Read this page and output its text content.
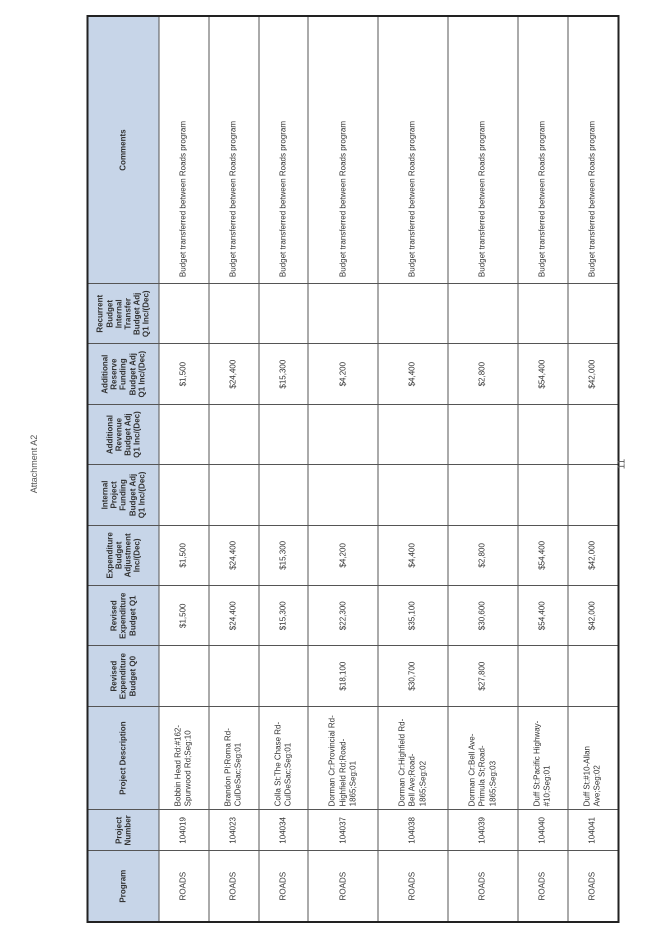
Attachment A2
Program	Project Number	Project Description	Revised Expenditure Budget Q0	Revised Expenditure Budget Q1	Expenditure Budget Adjustment Inc/(Dec)	Internal Project Funding Budget Adj Q1 Inc/(Dec)	Additional Revenue Budget Adj Q1 Inc/(Dec)	Additional Reserve Funding Budget Adj Q1 Inc/(Dec)	Recurrent Budget Internal Transfer Budget Adj Q1 Inc/(Dec)	Comments
ROADS	104019	Bobbin Head Rd:#162-Spurwood Rd;Seg:10		$1,500	$1,500			$1,500		Budget transferred between Roads program
ROADS	104023	Brandon Pl:Roma Rd-CulDeSac;Seg:01		$24,400	$24,400			$24,400		Budget transferred between Roads program
ROADS	104034	Colla St:The Chase Rd-CulDeSac;Seg:01		$15,300	$15,300			$15,300		Budget transferred between Roads program
ROADS	104037	Dorman Cr:Provincial Rd-Highfield Rd;Road-1865;Seg:01	$18,100	$22,300	$4,200			$4,200		Budget transferred between Roads program
ROADS	104038	Dorman Cr:Highfield Rd-Bell Ave;Road-1865;Seg:02	$30,700	$35,100	$4,400			$4,400		Budget transferred between Roads program
ROADS	104039	Dorman Cr:Bell Ave-Primula St;Road-1865;Seg:03	$27,800	$30,600	$2,800			$2,800		Budget transferred between Roads program
ROADS	104040	Duff St:Pacific Highway-#10;Seg:01		$54,400	$54,400			$54,400		Budget transferred between Roads program
ROADS	104041	Duff St:#10-Allan Ave;Seg:02		$42,000	$42,000			$42,000		Budget transferred between Roads program
11
